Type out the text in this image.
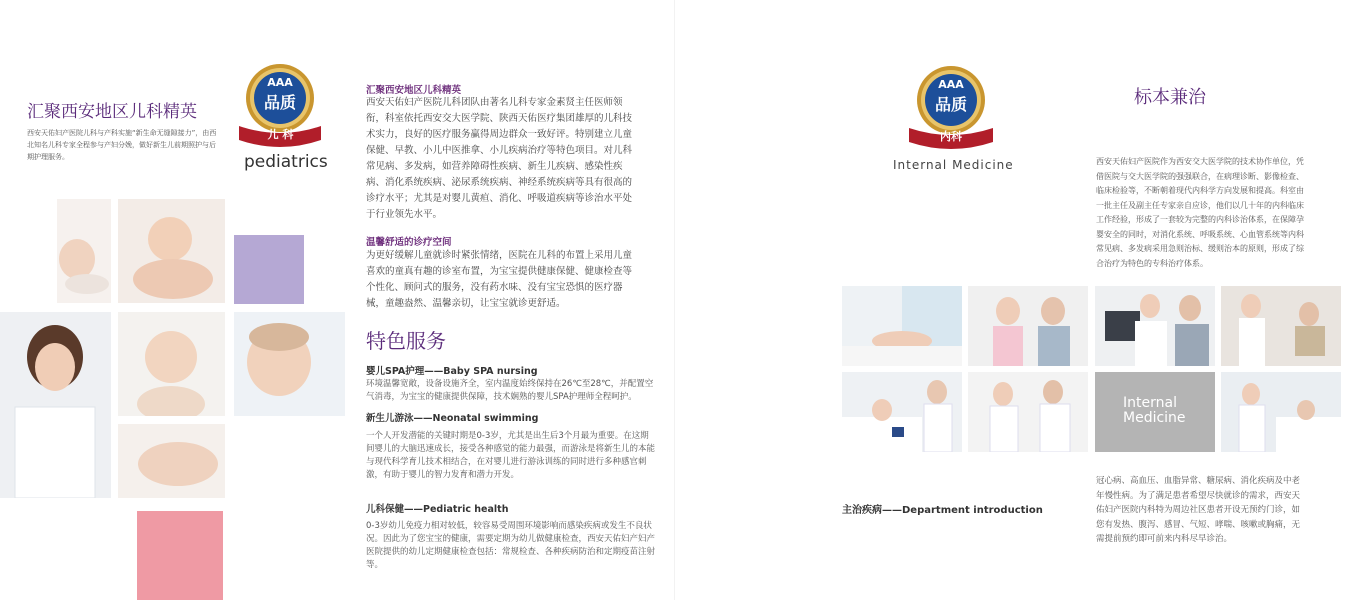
汇聚西安地区儿科精英
西安天佑妇产医院儿科与产科实施“新生命无缝隙接力”，由西北知名儿科专家全程参与产妇分娩，做好新生儿前期照护与后期护理服务。
AAA
品质
儿 科
pediatrics
汇聚西安地区儿科精英
西安天佑妇产医院儿科团队由著名儿科专家金素贤主任医师领衔，科室依托西安交大医学院、陕西天佑医疗集团雄厚的儿科技术实力，良好的医疗服务赢得周边群众一致好评。特别建立儿童保健、早教、小儿中医推拿、小儿疾病治疗等特色项目。对儿科常见病、多发病，如营养障碍性疾病、新生儿疾病、感染性疾病、消化系统疾病、泌尿系统疾病、神经系统疾病等具有很高的诊疗水平；尤其是对婴儿黄疸、消化、呼吸道疾病等诊治水平处于行业领先水平。
温馨舒适的诊疗空间
为更好缓解儿童就诊时紧张情绪，医院在儿科的布置上采用儿童喜欢的童真有趣的诊室布置，为宝宝提供健康保健、健康检查等个性化、顾问式的服务，没有药水味、没有宝宝恐惧的医疗器械，童趣盎然、温馨亲切，让宝宝就诊更舒适。
特色服务
婴儿SPA护理——Baby SPA nursing
环境温馨宽敞，设备设施齐全，室内温度始终保持在26℃至28℃，并配置空气消毒，为宝宝的健康提供保障，技术娴熟的婴儿SPA护理师全程呵护。
新生儿游泳——Neonatal swimming
一个人开发潜能的关键时期是0-3岁，尤其是出生后3个月最为重要。在这期间婴儿的大脑迅速成长，接受各种感觉的能力最强，而游泳是将新生儿的本能与现代科学育儿技术相结合，在对婴儿进行游泳训练的同时进行多种感官刺激，有助于婴儿的智力发育和潜力开发。
儿科保健——Pediatric health
0-3岁幼儿免疫力相对较低，较容易受周围环境影响而感染疾病或发生不良状况。因此为了您宝宝的健康，需要定期为幼儿做健康检查，西安天佑妇产妇产医院提供的幼儿定期健康检查包括：常规检查、各种疾病防治和定期疫苗注射等。
AAA
品质
内科
Internal Medicine
标本兼治
西安天佑妇产医院作为西安交大医学院的技术协作单位，凭借医院与交大医学院的强强联合，在病理诊断、影像检查、临床检验等，不断朝着现代内科学方向发展和提高。科室由一批主任及副主任专家亲自应诊，他们以几十年的内科临床工作经验，形成了一套较为完整的内科诊治体系，在保障孕婴安全的同时，对消化系统、呼吸系统、心血管系统等内科常见病、多发病采用急则治标、缓则治本的原则，形成了综合治疗为特色的专科治疗体系。
Internal Medicine
主治疾病——Department introduction
冠心病、高血压、血脂异常、糖尿病、消化疾病及中老年慢性病。为了满足患者希望尽快就诊的需求，西安天佑妇产医院内科特为周边社区患者开设无预约门诊，如您有发热、腹泻、感冒、气短、哮喘、咳嗽或胸痛，无需提前预约即可前来内科尽早诊治。
